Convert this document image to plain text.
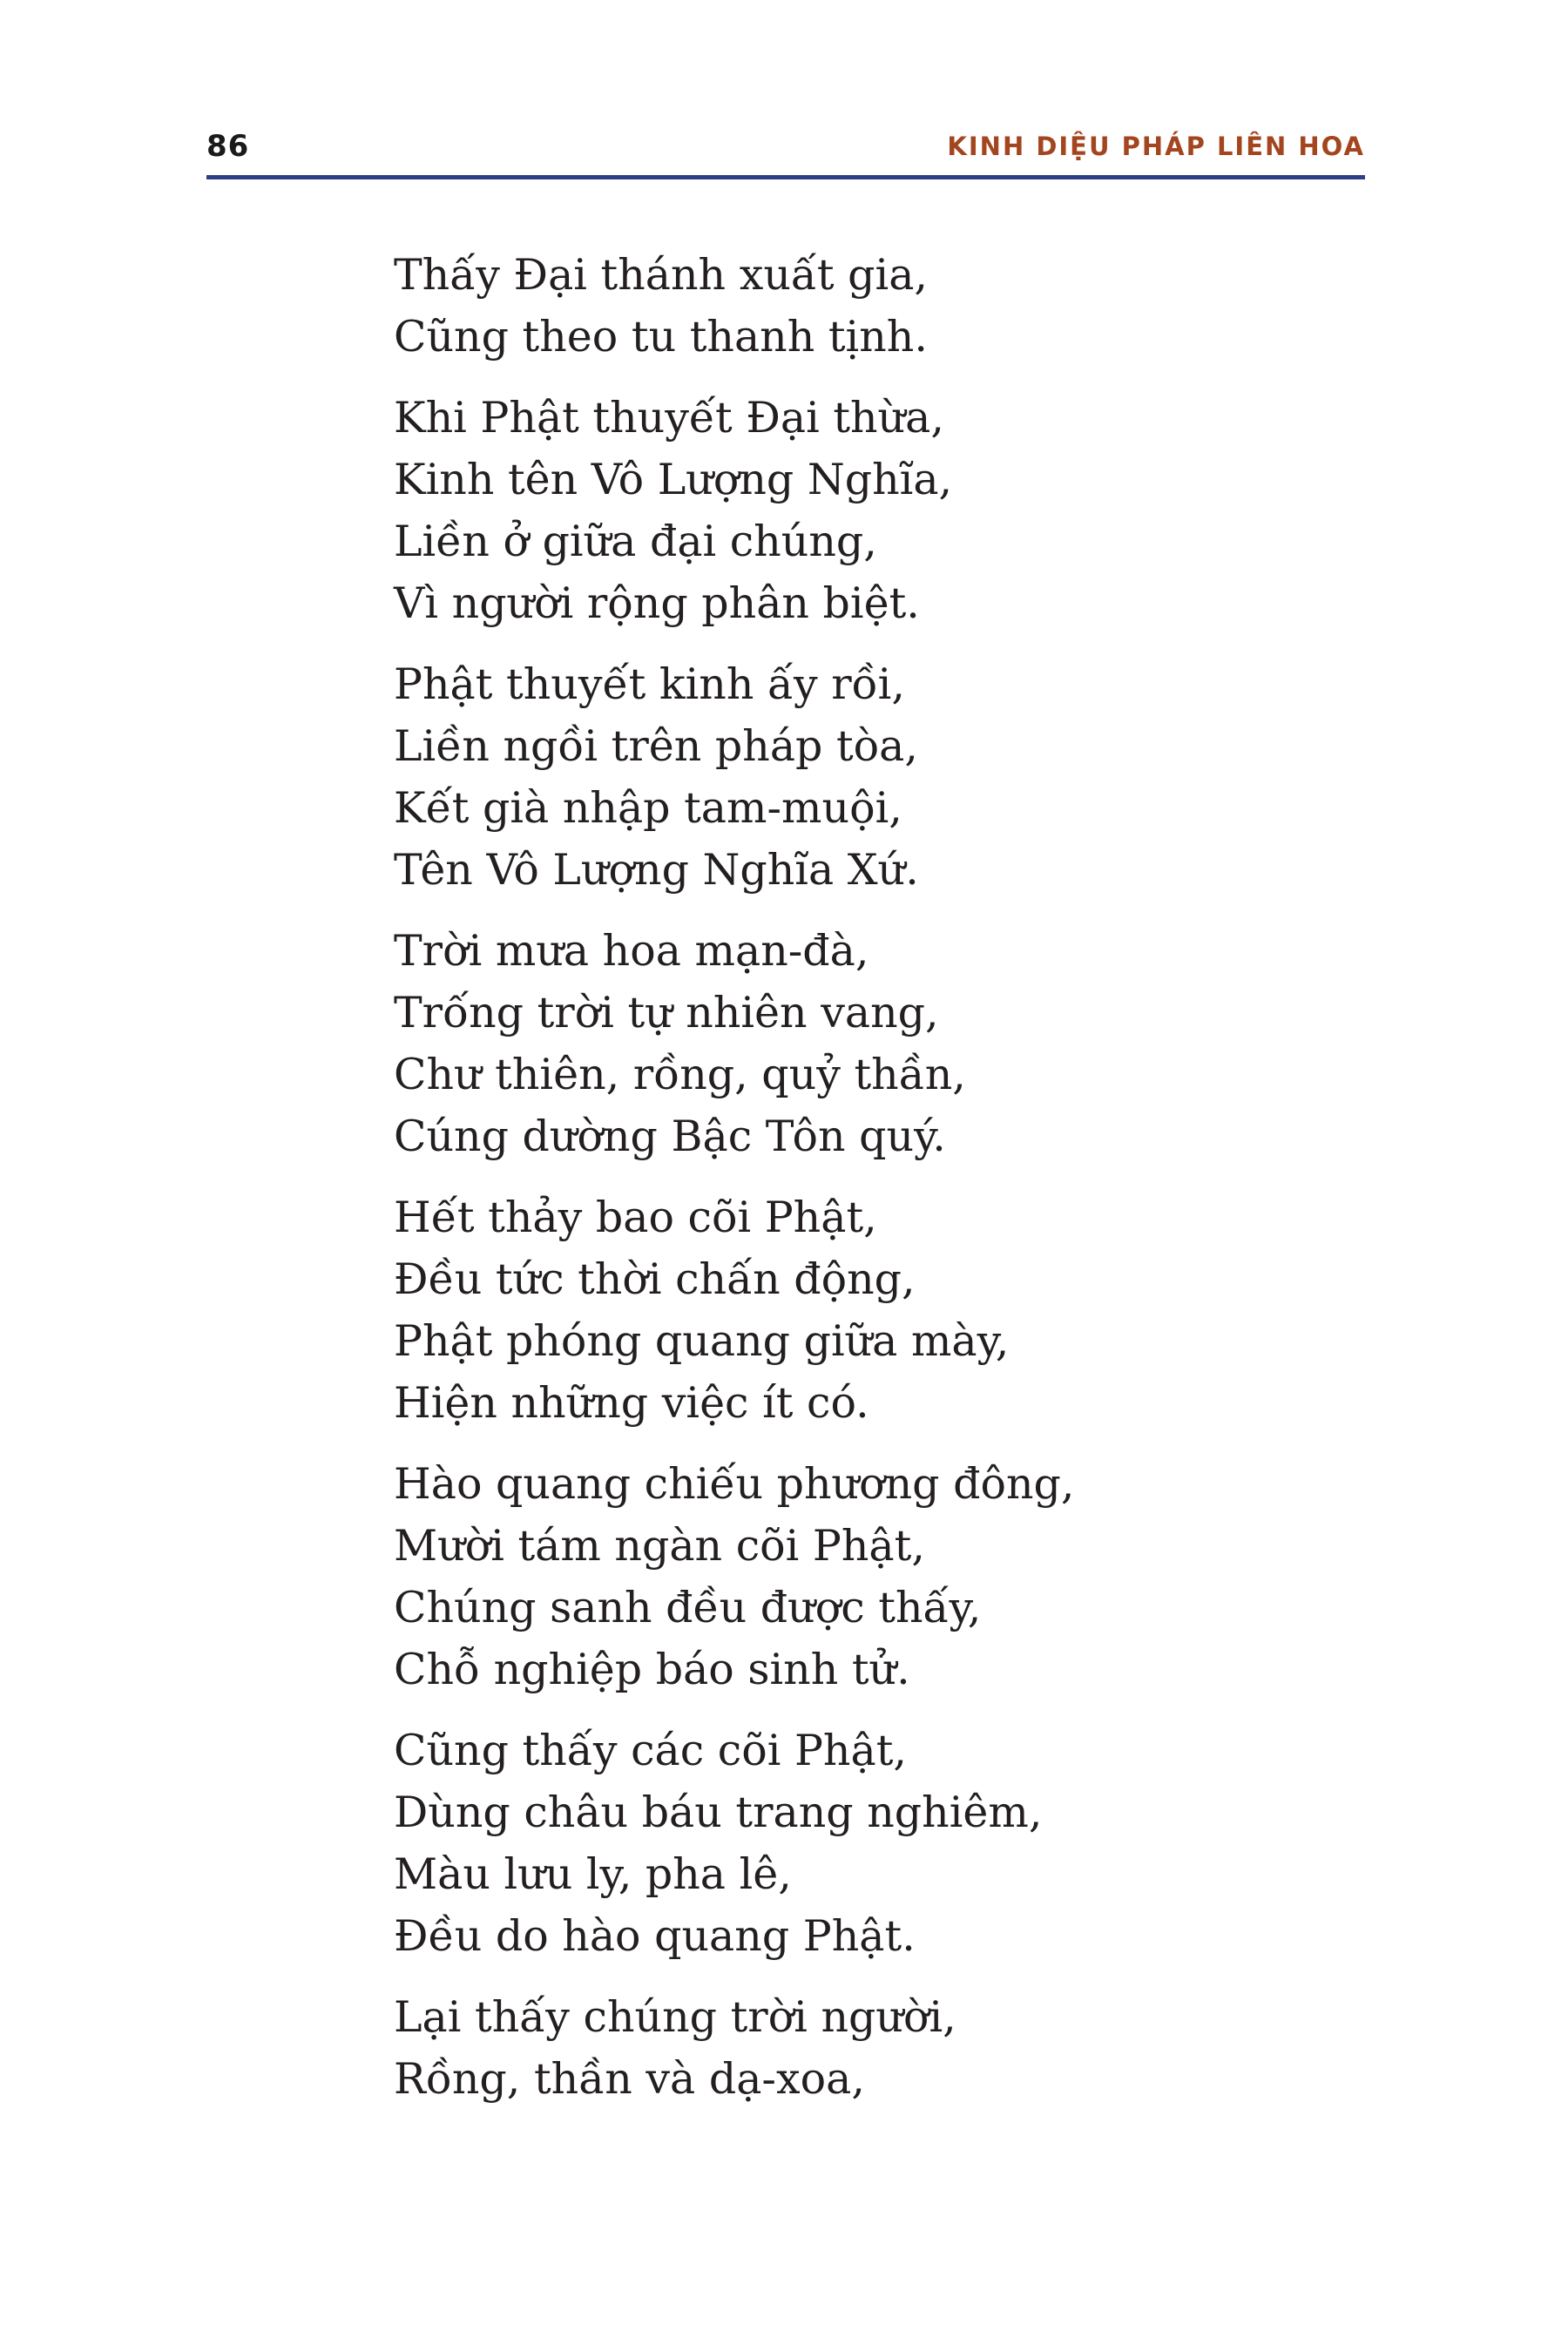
86	KINH DIỆU PHÁP LIÊN HOA
Thấy Đại thánh xuất gia,
Cũng theo tu thanh tịnh.
Khi Phật thuyết Đại thừa,
Kinh tên Vô Lượng Nghĩa,
Liền ở giữa đại chúng,
Vì người rộng phân biệt.
Phật thuyết kinh ấy rồi,
Liền ngồi trên pháp tòa,
Kết già nhập tam-muội,
Tên Vô Lượng Nghĩa Xứ.
Trời mưa hoa mạn-đà,
Trống trời tự nhiên vang,
Chư thiên, rồng, quỷ thần,
Cúng dường Bậc Tôn quý.
Hết thảy bao cõi Phật,
Đều tức thời chấn động,
Phật phóng quang giữa mày,
Hiện những việc ít có.
Hào quang chiếu phương đông,
Mười tám ngàn cõi Phật,
Chúng sanh đều được thấy,
Chỗ nghiệp báo sinh tử.
Cũng thấy các cõi Phật,
Dùng châu báu trang nghiêm,
Màu lưu ly, pha lê,
Đều do hào quang Phật.
Lại thấy chúng trời người,
Rồng, thần và dạ-xoa,
